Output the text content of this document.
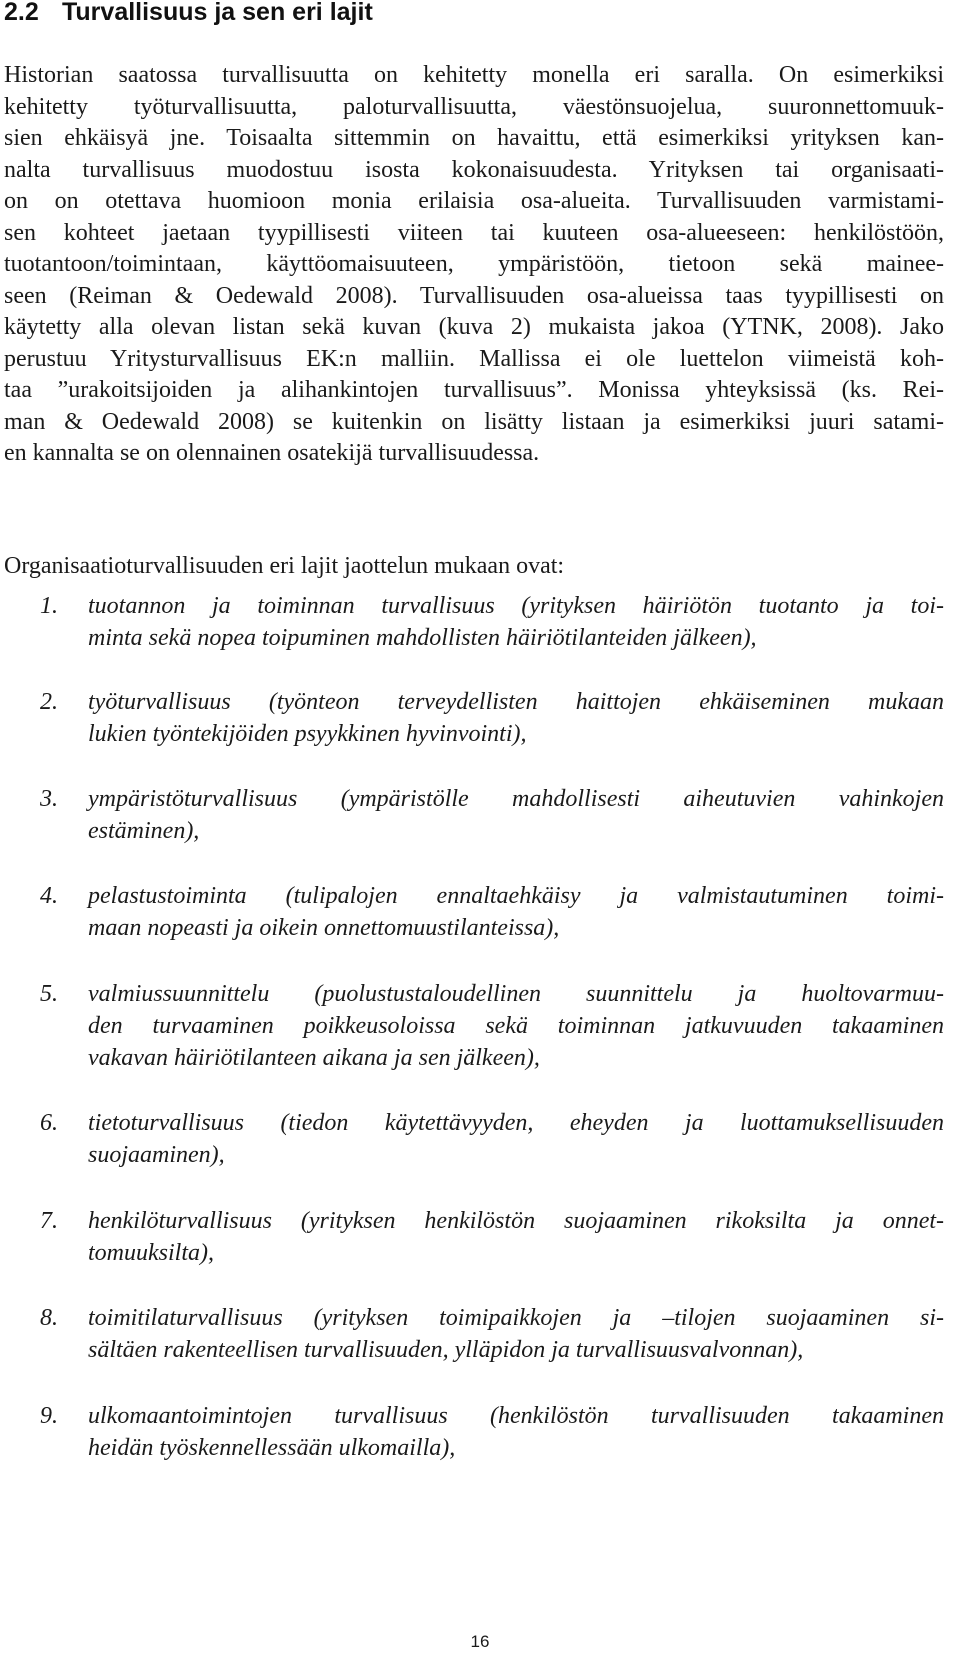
2.2 Turvallisuus ja sen eri lajit

Historian saatossa turvallisuutta on kehitetty monella eri saralla. On esimerkiksi
kehitetty työturvallisuutta, paloturvallisuutta, väestönsuojelua, suuronnettomuuk-
sien ehkäisyä jne. Toisaalta sittemmin on havaittu, että esimerkiksi yrityksen kan-
nalta turvallisuus muodostuu isosta kokonaisuudesta. Yrityksen tai organisaati-
on on otettava huomioon monia erilaisia osa-alueita. Turvallisuuden varmistami-
sen kohteet jaetaan tyypillisesti viiteen tai kuuteen osa-alueeseen: henkilöstöön,
tuotantoon/toimintaan, käyttöomaisuuteen, ympäristöön, tietoon sekä maineе-
seen (Reiman & Oedewald 2008). Turvallisuuden osa-alueissa taas tyypillisesti on
käytetty alla olevan listan sekä kuvan (kuva 2) mukaista jakoa (YTNK, 2008). Jako
perustuu Yritysturvallisuus EK:n malliin. Mallissa ei ole luettelon viimeistä koh-
taa ”urakoitsijoiden ja alihankintojen turvallisuus”. Monissa yhteyksissä (ks. Rei-
man & Oedewald 2008) se kuitenkin on lisätty listaan ja esimerkiksi juuri satami-
en kannalta se on olennainen osatekijä turvallisuudessa.

Organisaatioturvallisuuden eri lajit jaottelun mukaan ovat:

1. tuotannon ja toiminnan turvallisuus (yrityksen häiriötön tuotanto ja toi-
minta sekä nopea toipuminen mahdollisten häiriötilanteiden jälkeen),
2. työturvallisuus (työnteon terveydellisten haittojen ehkäiseminen mukaan
lukien työntekijöiden psyykkinen hyvinvointi),
3. ympäristöturvallisuus (ympäristölle mahdollisesti aiheutuvien vahinkojen
estäminen),
4. pelastustoiminta (tulipalojen ennaltaehkäisy ja valmistautuminen toimi-
maan nopeasti ja oikein onnettomuustilanteissa),
5. valmiussuunnittelu (puolustustaloudellinen suunnittelu ja huoltovarmuu-
den turvaaminen poikkeusoloissa sekä toiminnan jatkuvuuden takaaminen
vakavan häiriötilanteen aikana ja sen jälkeen),
6. tietoturvallisuus (tiedon käytettävyyden, eheyden ja luottamuksellisuuden
suojaaminen),
7. henkilöturvallisuus (yrityksen henkilöstön suojaaminen rikoksilta ja onnet-
tomuuksilta),
8. toimitilaturvallisuus (yrityksen toimipaikkojen ja –tilojen suojaaminen si-
sältäen rakenteellisen turvallisuuden, ylläpidon ja turvallisuusvalvonnan),
9. ulkomaantoimintojen turvallisuus (henkilöstön turvallisuuden takaaminen
heidän työskennellessään ulkomailla),
16
